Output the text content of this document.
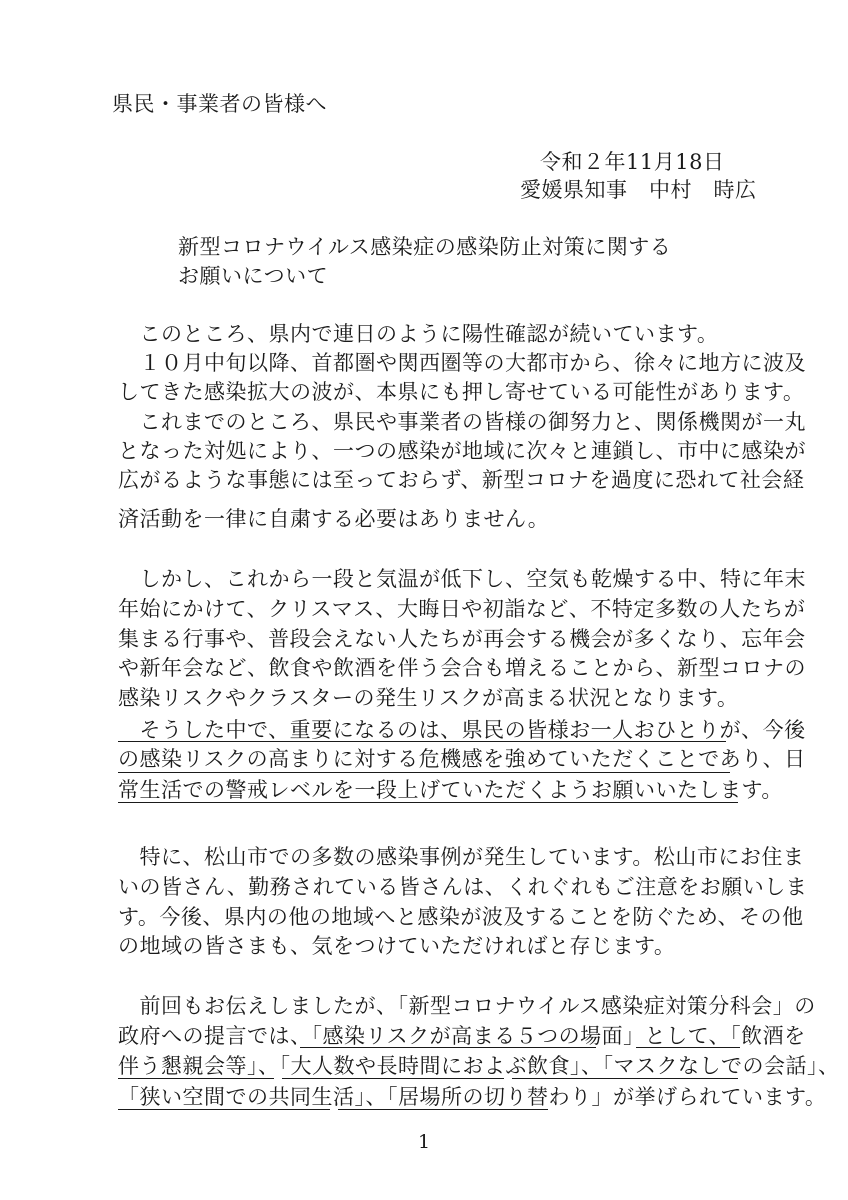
県民・事業者の皆様へ
令和２年11月18日
愛媛県知事　中村　時広
新型コロナウイルス感染症の感染防止対策に関する
お願いについて
　このところ、県内で連日のように陽性確認が続いています。
　１０月中旬以降、首都圏や関西圏等の大都市から、徐々に地方に波及
してきた感染拡大の波が、本県にも押し寄せている可能性があります。
　これまでのところ、県民や事業者の皆様の御努力と、関係機関が一丸
となった対処により、一つの感染が地域に次々と連鎖し、市中に感染が
広がるような事態には至っておらず、新型コロナを過度に恐れて社会経
済活動を一律に自粛する必要はありません。
　しかし、これから一段と気温が低下し、空気も乾燥する中、特に年末
年始にかけて、クリスマス、大晦日や初詣など、不特定多数の人たちが
集まる行事や、普段会えない人たちが再会する機会が多くなり、忘年会
や新年会など、飲食や飲酒を伴う会合も増えることから、新型コロナの
感染リスクやクラスターの発生リスクが高まる状況となります。
　そうした中で、重要になるのは、県民の皆様お一人おひとりが、今後
の感染リスクの高まりに対する危機感を強めていただくことであり、日
常生活での警戒レベルを一段上げていただくようお願いいたします。
　特に、松山市での多数の感染事例が発生しています。松山市にお住ま
いの皆さん、勤務されている皆さんは、くれぐれもご注意をお願いしま
す。今後、県内の他の地域へと感染が波及することを防ぐため、その他
の地域の皆さまも、気をつけていただければと存じます。
　前回もお伝えしましたが、「新型コロナウイルス感染症対策分科会」の
政府への提言では、「感染リスクが高まる５つの場面」として、「飲酒を
伴う懇親会等」、「大人数や長時間におよぶ飲食」、「マスクなしでの会話」、
「狭い空間での共同生活」、「居場所の切り替わり」が挙げられています。
1
